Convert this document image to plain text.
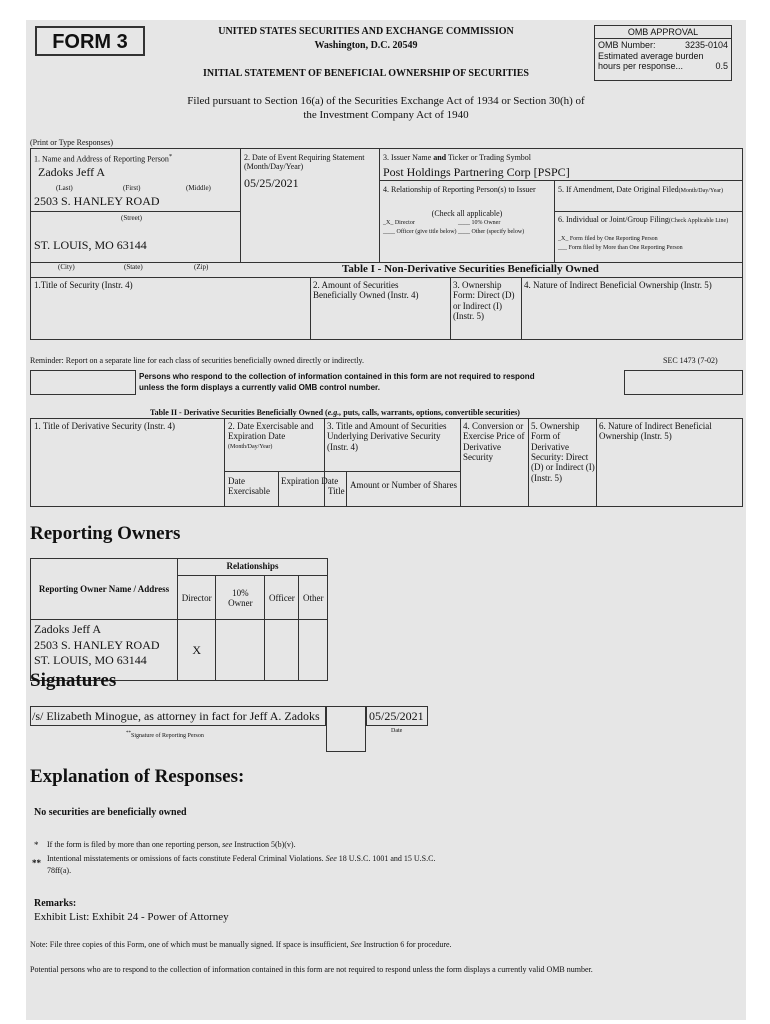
FORM 3	UNITED STATES SECURITIES AND EXCHANGE COMMISSION
Washington, D.C. 20549
INITIAL STATEMENT OF BENEFICIAL OWNERSHIP OF SECURITIES
OMB APPROVAL
OMB Number:	3235-0104
Estimated average burden
hours per response...	0.5
Filed pursuant to Section 16(a) of the Securities Exchange Act of 1934 or Section 30(h) of
the Investment Company Act of 1940
(Print or Type Responses)
1. Name and Address of Reporting Person*
Zadoks Jeff A
(Last)	(First)	(Middle)
2503 S. HANLEY ROAD
(Street)
ST. LOUIS, MO 63144
(City)	(State)	(Zip)
2. Date of Event Requiring Statement (Month/Day/Year)
05/25/2021
3. Issuer Name and Ticker or Trading Symbol
Post Holdings Partnering Corp [PSPC]
4. Relationship of Reporting Person(s) to Issuer
(Check all applicable)
_X_ Director	____ 10% Owner
____ Officer (give title below) ____ Other (specify below)
5. If Amendment, Date Original Filed(Month/Day/Year)
6. Individual or Joint/Group Filing(Check Applicable Line)
_X_ Form filed by One Reporting Person
___ Form filed by More than One Reporting Person
Table I - Non-Derivative Securities Beneficially Owned
1.Title of Security (Instr. 4)	2. Amount of Securities Beneficially Owned (Instr. 4)
3. Ownership Form: Direct (D) or Indirect (I) (Instr. 5)
4. Nature of Indirect Beneficial Ownership (Instr. 5)
Reminder: Report on a separate line for each class of securities beneficially owned directly or indirectly.	SEC 1473 (7-02)
Persons who respond to the collection of information contained in this form are not required to respond
unless the form displays a currently valid OMB control number.
Table II - Derivative Securities Beneficially Owned (e.g., puts, calls, warrants, options, convertible securities)
1. Title of Derivative Security (Instr. 4)	2. Date Exercisable and Expiration Date
(Month/Day/Year)
3. Title and Amount of Securities Underlying Derivative Security (Instr. 4)
4. Conversion or Exercise Price of Derivative Security
5. Ownership Form of Derivative Security: Direct (D) or Indirect (I) (Instr. 5)
6. Nature of Indirect Beneficial Ownership (Instr. 5)
Date Exercisable
Expiration Date
Title
Amount or Number of Shares
Reporting Owners
Reporting Owner Name / Address	Relationships			
	Director	10% Owner	Officer	Other

Zadoks Jeff A
2503 S. HANLEY ROAD
ST. LOUIS, MO 63144	X			
Signatures
/s/ Elizabeth Minogue, as attorney in fact for Jeff A. Zadoks	05/25/2021
**Signature of Reporting Person
Date
Explanation of Responses:
No securities are beneficially owned
* If the form is filed by more than one reporting person, see Instruction 5(b)(v).
** Intentional misstatements or omissions of facts constitute Federal Criminal Violations. See 18 U.S.C. 1001 and 15 U.S.C.
78ff(a).
Remarks:
Exhibit List: Exhibit 24 - Power of Attorney
Note: File three copies of this Form, one of which must be manually signed. If space is insufficient, See Instruction 6 for procedure.
Potential persons who are to respond to the collection of information contained in this form are not required to respond unless the form displays a currently valid OMB number.
